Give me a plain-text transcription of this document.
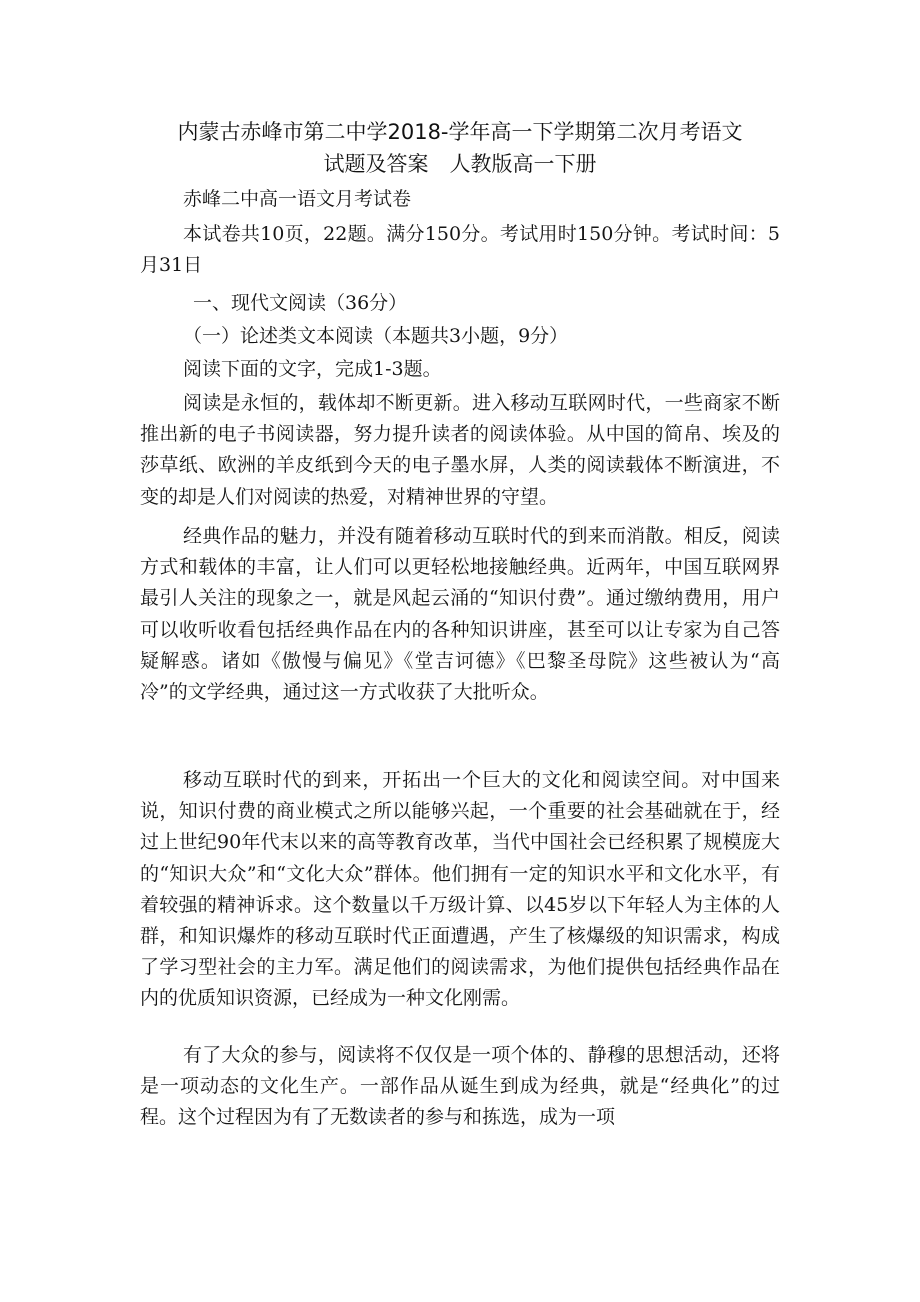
内蒙古赤峰市第二中学2018-学年高一下学期第二次月考语文
试题及答案　人教版高一下册
赤峰二中高一语文月考试卷
本试卷共10页，22题。满分150分。考试用时150分钟。考试时间：5月31日
一、现代文阅读（36分）
（一）论述类文本阅读（本题共3小题，9分）
阅读下面的文字，完成1-3题。
阅读是永恒的，载体却不断更新。进入移动互联网时代，一些商家不断推出新的电子书阅读器，努力提升读者的阅读体验。从中国的简帛、埃及的莎草纸、欧洲的羊皮纸到今天的电子墨水屏，人类的阅读载体不断演进，不变的却是人们对阅读的热爱，对精神世界的守望。
经典作品的魅力，并没有随着移动互联时代的到来而消散。相反，阅读方式和载体的丰富，让人们可以更轻松地接触经典。近两年，中国互联网界最引人关注的现象之一，就是风起云涌的“知识付费”。通过缴纳费用，用户可以收听收看包括经典作品在内的各种知识讲座，甚至可以让专家为自己答疑解惑。诸如《傲慢与偏见》《堂吉诃德》《巴黎圣母院》这些被认为“高冷”的文学经典，通过这一方式收获了大批听众。
移动互联时代的到来，开拓出一个巨大的文化和阅读空间。对中国来说，知识付费的商业模式之所以能够兴起，一个重要的社会基础就在于，经过上世纪90年代末以来的高等教育改革，当代中国社会已经积累了规模庞大的“知识大众”和“文化大众”群体。他们拥有一定的知识水平和文化水平，有着较强的精神诉求。这个数量以千万级计算、以45岁以下年轻人为主体的人群，和知识爆炸的移动互联时代正面遭遇，产生了核爆级的知识需求，构成了学习型社会的主力军。满足他们的阅读需求，为他们提供包括经典作品在内的优质知识资源，已经成为一种文化刚需。
有了大众的参与，阅读将不仅仅是一项个体的、静穆的思想活动，还将是一项动态的文化生产。一部作品从诞生到成为经典，就是“经典化”的过程。这个过程因为有了无数读者的参与和拣选，成为一项
